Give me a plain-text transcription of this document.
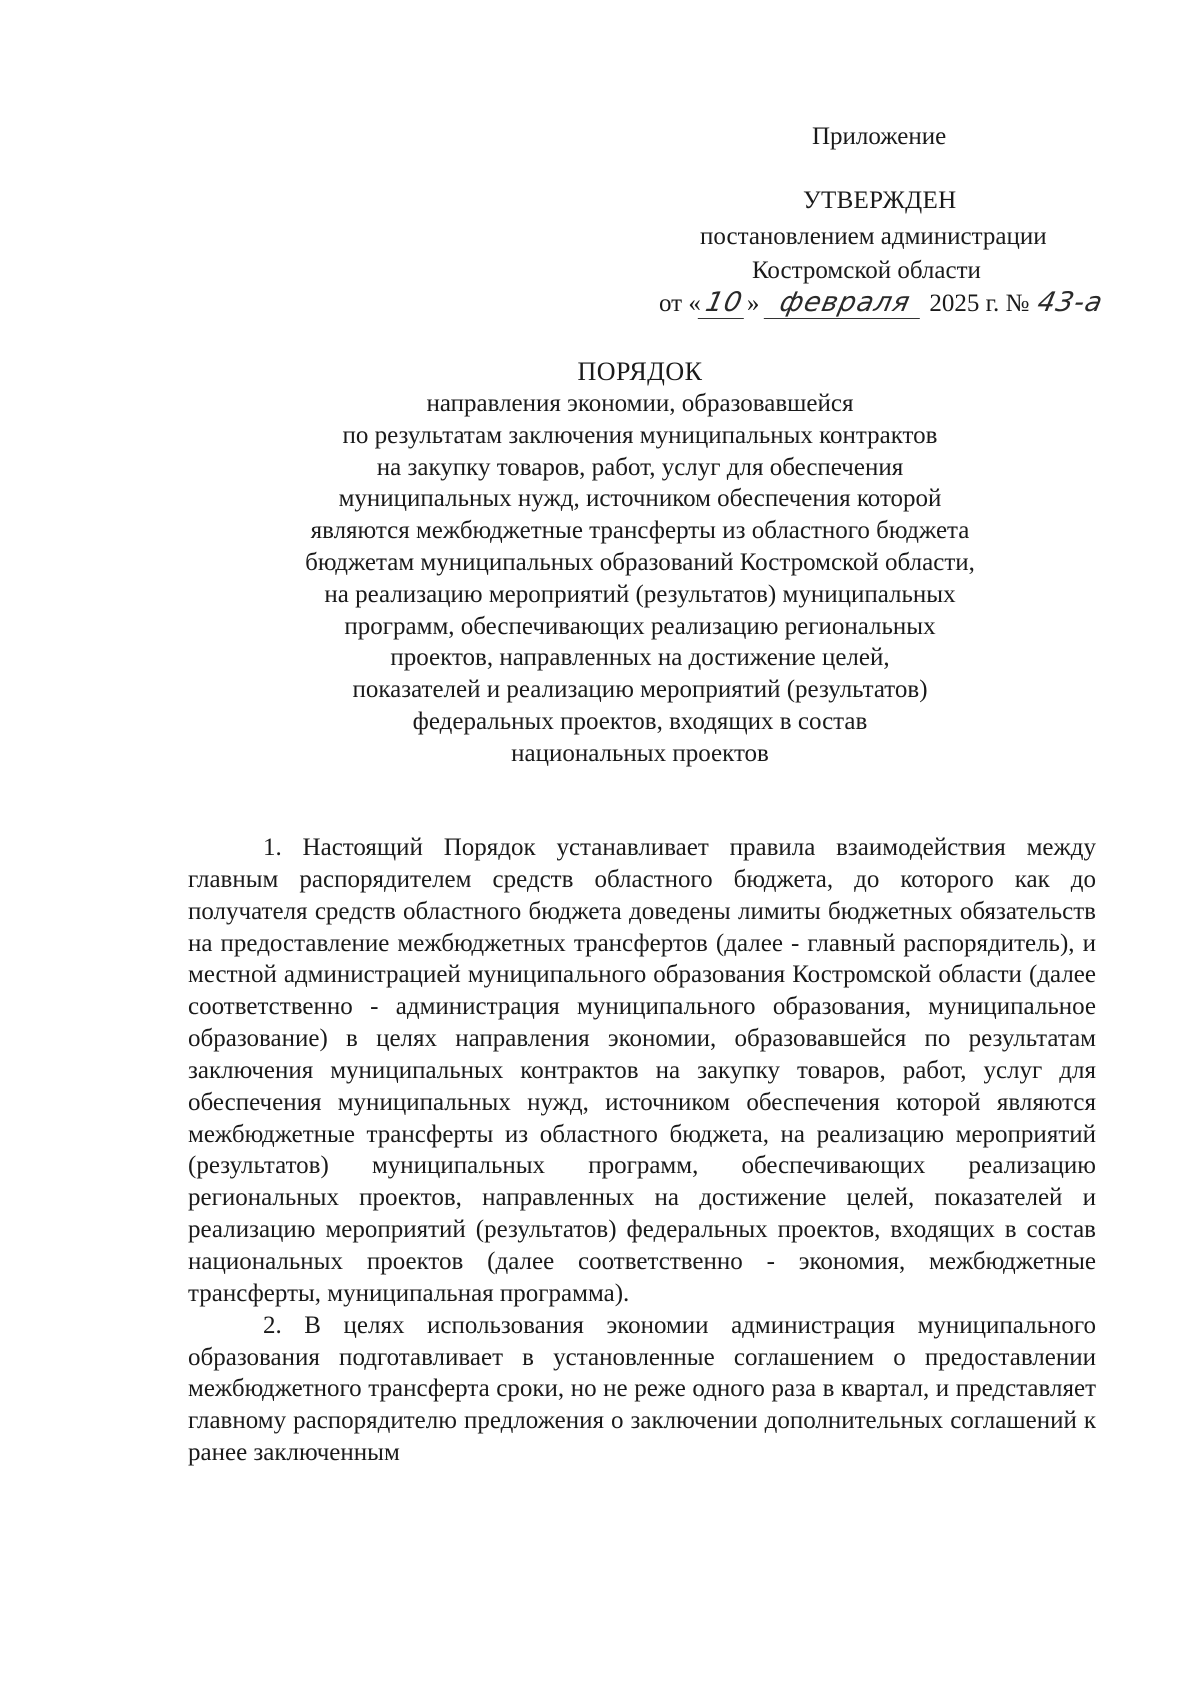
Приложение
УТВЕРЖДЕН
постановлением администрации
Костромской области
от « 10 » февраля 2025 г. № 43-а

ПОРЯДОК

направления экономии, образовавшейся

по результатам заключения муниципальных контрактов

на закупку товаров, работ, услуг для обеспечения

муниципальных нужд, источником обеспечения которой

являются межбюджетные трансферты из областного бюджета

бюджетам муниципальных образований Костромской области,

на реализацию мероприятий (результатов) муниципальных

программ, обеспечивающих реализацию региональных

проектов, направленных на достижение целей,

показателей и реализацию мероприятий (результатов)

федеральных проектов, входящих в состав

национальных проектов

1. Настоящий Порядок устанавливает правила взаимодействия между главным распорядителем средств областного бюджета, до которого как до получателя средств областного бюджета доведены лимиты бюджетных обязательств на предоставление межбюджетных трансфертов (далее - главный распорядитель), и местной администрацией муниципального образования Костромской области (далее соответственно - администрация муниципального образования, муниципальное образование) в целях направления экономии, образовавшейся по результатам заключения муниципальных контрактов на закупку товаров, работ, услуг для обеспечения муниципальных нужд, источником обеспечения которой являются межбюджетные трансферты из областного бюджета, на реализацию мероприятий (результатов) муниципальных программ, обеспечивающих реализацию региональных проектов, направленных на достижение целей, показателей и реализацию мероприятий (результатов) федеральных проектов, входящих в состав национальных проектов (далее соответственно - экономия, межбюджетные трансферты, муниципальная программа).

2. В целях использования экономии администрация муниципального образования подготавливает в установленные соглашением о предоставлении межбюджетного трансферта сроки, но не реже одного раза в квартал, и представляет главному распорядителю предложения о заключении дополнительных соглашений к ранее заключенным
